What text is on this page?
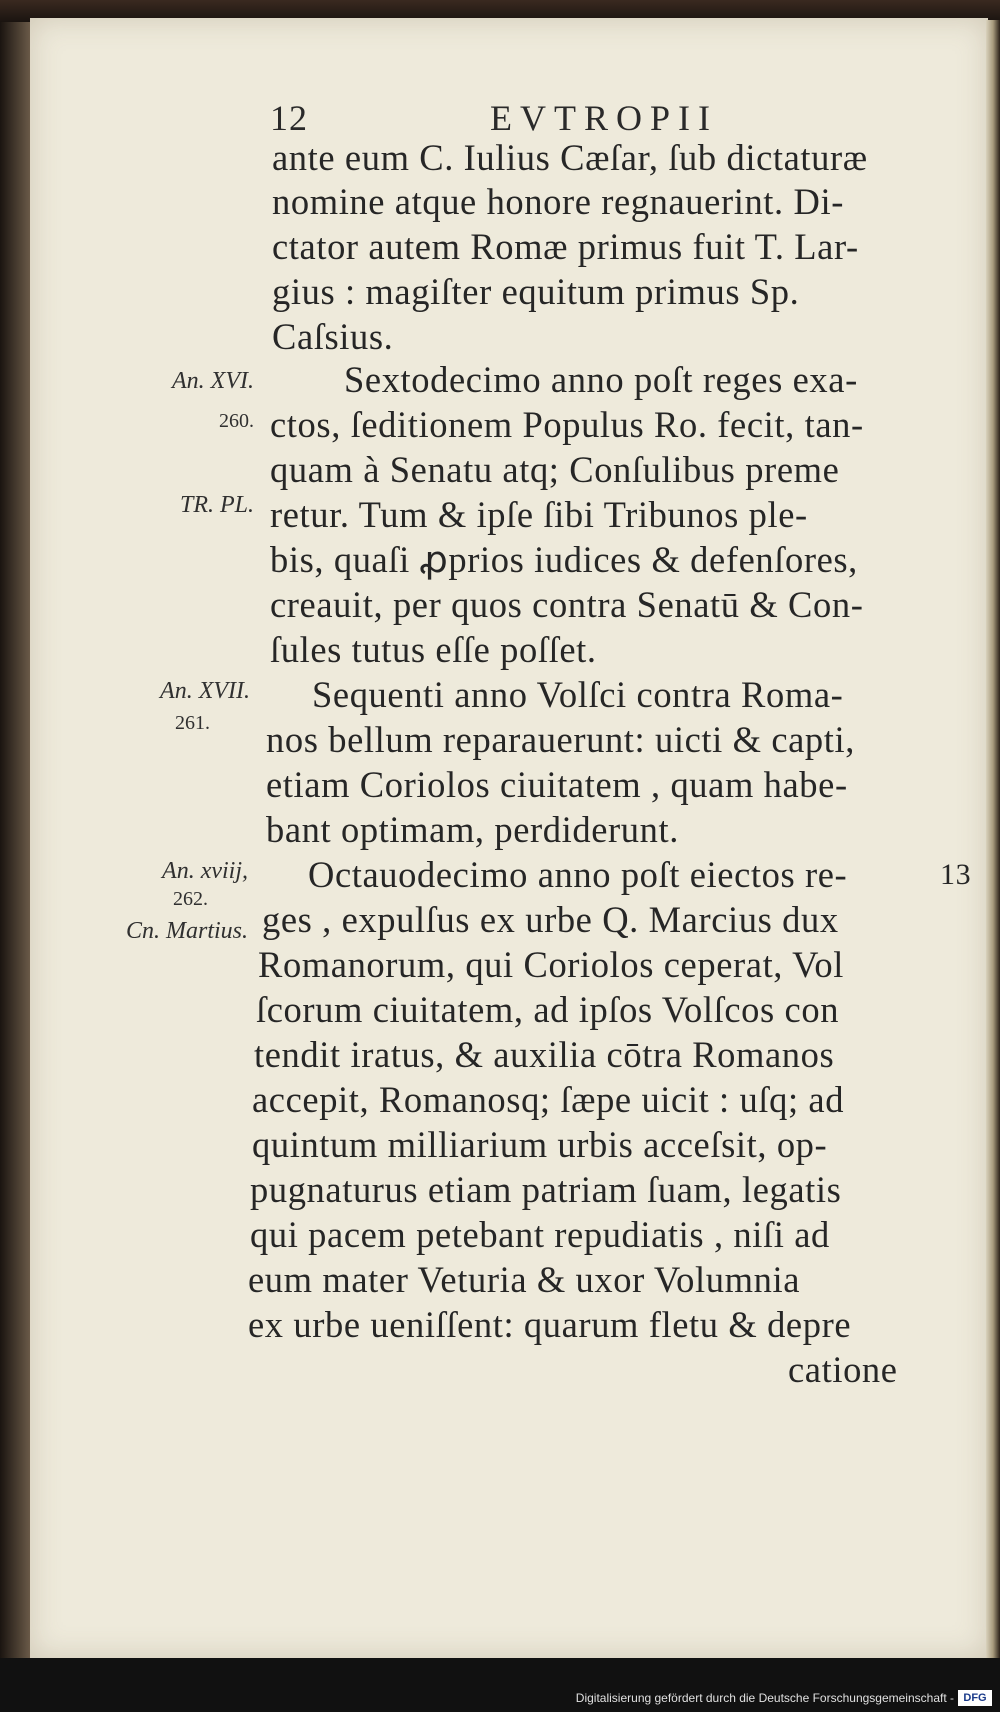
12	EVTROPII
ante eum C. Iulius Cæſar, ſub dictaturæ
nomine atque honore regnauerint. Di-
ctator autem Romæ primus fuit T. Lar-
gius : magiſter equitum primus Sp.
Caſsius.
Sextodecimo anno poſt reges exa-
ctos, ſeditionem Populus Ro. fecit, tan-
quam à Senatu atq; Conſulibus preme
retur. Tum & ipſe ſibi Tribunos ple-
bis, quaſi ꝓprios iudices & defenſores,
creauit, per quos contra Senatū & Con-
ſules tutus eſſe poſſet.
Sequenti anno Volſci contra Roma-
nos bellum reparauerunt: uicti & capti,
etiam Coriolos ciuitatem , quam habe-
bant optimam, perdiderunt.
Octauodecimo anno poſt eiectos re-
ges , expulſus ex urbe Q. Marcius dux
Romanorum, qui Coriolos ceperat, Vol
ſcorum ciuitatem, ad ipſos Volſcos con
tendit iratus, & auxilia cōtra Romanos
accepit, Romanosq; ſæpe uicit : uſq; ad
quintum milliarium urbis acceſsit, op-
pugnaturus etiam patriam ſuam, legatis
qui pacem petebant repudiatis , niſi ad
eum mater Veturia & uxor Volumnia
ex urbe ueniſſent: quarum fletu & depre
catione
An. XVI.
260.
TR. PL.
An. XVII.
261.
An. xviij,
262.
Cn. Martius.
13
Digitalisierung gefördert durch die Deutsche Forschungsgemeinschaft - DFG
